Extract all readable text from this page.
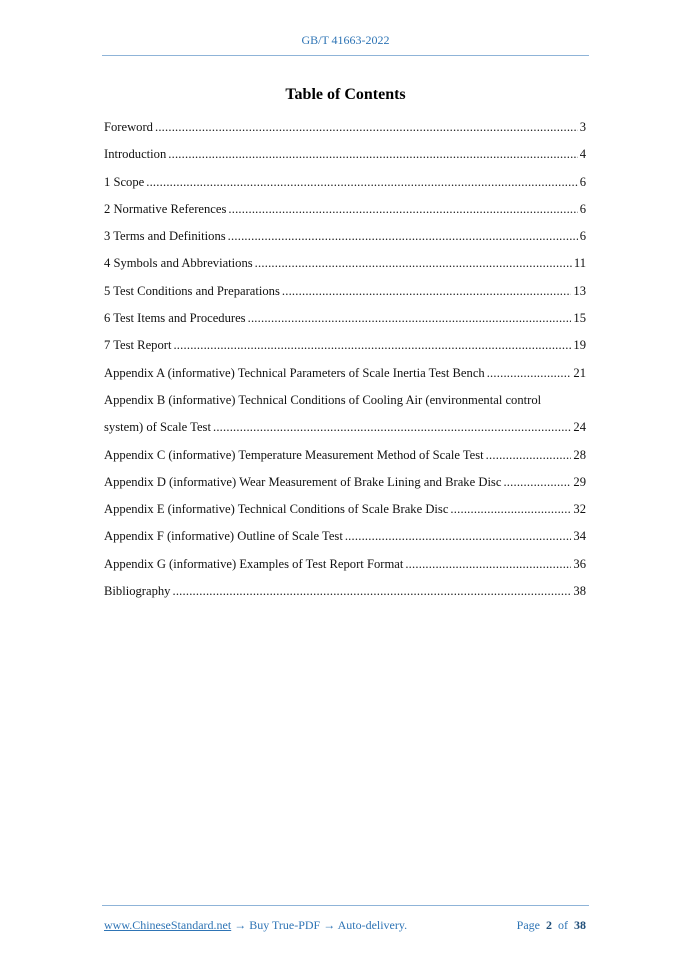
GB/T 41663-2022
Table of Contents
Foreword .....	3
Introduction .....	4
1 Scope .....	6
2 Normative References .....	6
3 Terms and Definitions .....	6
4 Symbols and Abbreviations .....	11
5 Test Conditions and Preparations .....	13
6 Test Items and Procedures .....	15
7 Test Report .....	19
Appendix A (informative) Technical Parameters of Scale Inertia Test Bench .....	21
Appendix B (informative) Technical Conditions of Cooling Air (environmental control
system) of Scale Test .....	24
Appendix C (informative) Temperature Measurement Method of Scale Test .....	28
Appendix D (informative) Wear Measurement of Brake Lining and Brake Disc .....	29
Appendix E (informative) Technical Conditions of Scale Brake Disc .....	32
Appendix F (informative) Outline of Scale Test .....	34
Appendix G (informative) Examples of Test Report Format .....	36
Bibliography .....	38
www.ChineseStandard.net → Buy True-PDF → Auto-delivery.	Page 2 of 38
